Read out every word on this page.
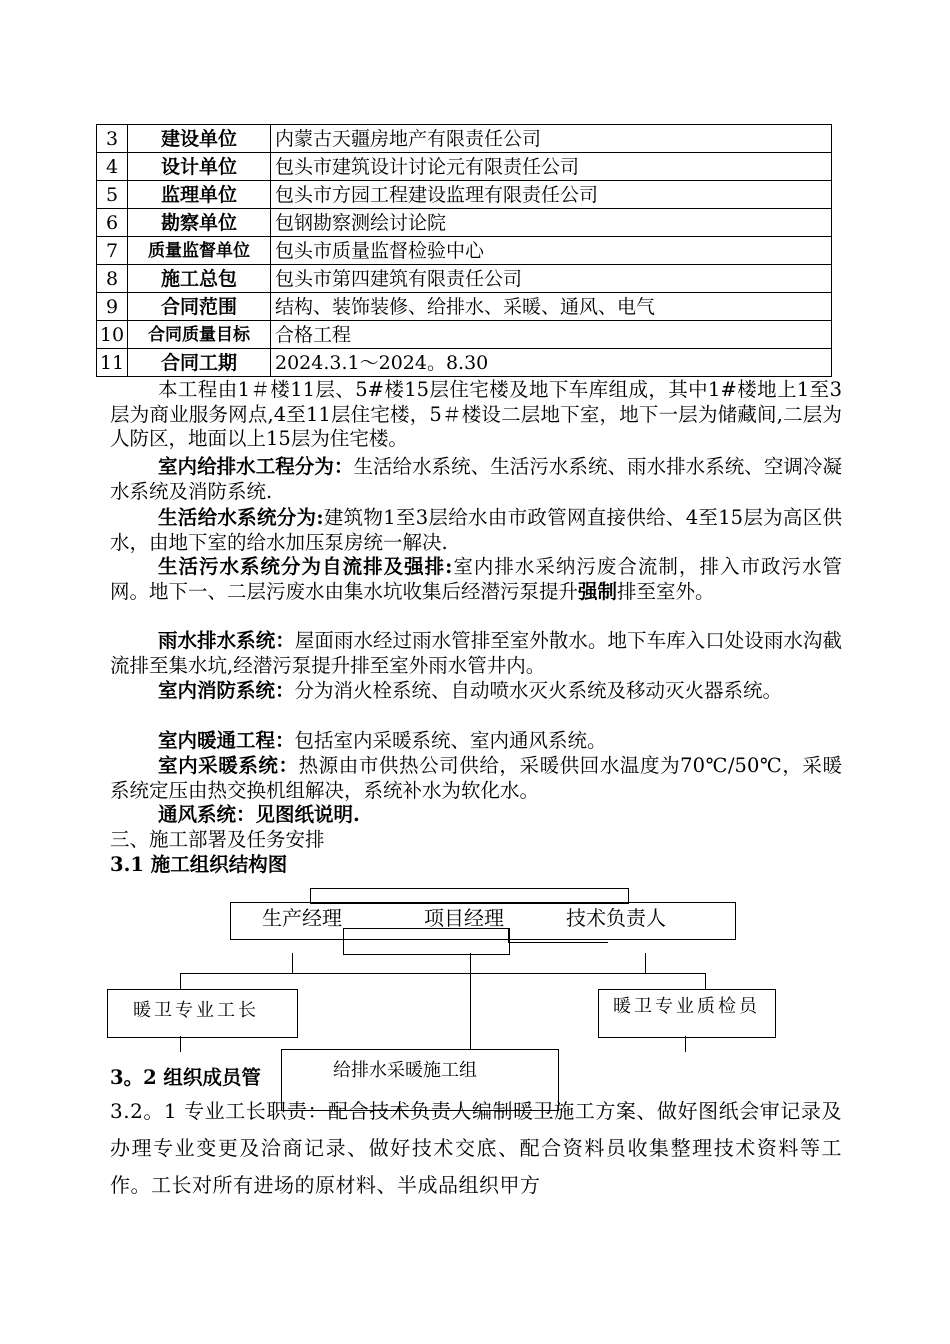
3	建设单位	内蒙古天疆房地产有限责任公司
4	设计单位	包头市建筑设计讨论元有限责任公司
5	监理单位	包头市方园工程建设监理有限责任公司
6	勘察单位	包钢勘察测绘讨论院
7	质量监督单位	包头市质量监督检验中心
8	施工总包	包头市第四建筑有限责任公司
9	合同范围	结构、装饰装修、给排水、采暖、通风、电气
10	合同质量目标	合格工程
11	合同工期	2024.3.1～2024。8.30
本工程由1＃楼11层、5#楼15层住宅楼及地下车库组成，其中1#楼地上1至3层为商业服务网点,4至11层住宅楼，5＃楼设二层地下室，地下一层为储藏间,二层为人防区，地面以上15层为住宅楼。
室内给排水工程分为：生活给水系统、生活污水系统、雨水排水系统、空调冷凝水系统及消防系统.
生活给水系统分为:建筑物1至3层给水由市政管网直接供给、4至15层为高区供水，由地下室的给水加压泵房统一解决.
生活污水系统分为自流排及强排:室内排水采纳污废合流制，排入市政污水管网。地下一、二层污废水由集水坑收集后经潜污泵提升强制排至室外。
雨水排水系统：屋面雨水经过雨水管排至室外散水。地下车库入口处设雨水沟截流排至集水坑,经潜污泵提升排至室外雨水管井内。
室内消防系统：分为消火栓系统、自动喷水灭火系统及移动灭火器系统。
室内暖通工程：包括室内采暖系统、室内通风系统。
室内采暖系统：热源由市供热公司供给，采暖供回水温度为70℃/50℃，采暖系统定压由热交换机组解决，系统补水为软化水。
通风系统：见图纸说明.
三、施工部署及任务安排
3.1 施工组织结构图
生产经理	项目经理	技术负责人
暖卫专业工长	暖卫专业质检员
给排水采暖施工组
3。2 组织成员管
3.2。1 专业工长职责：配合技术负责人编制暖卫施工方案、做好图纸会审记录及办理专业变更及洽商记录、做好技术交底、配合资料员收集整理技术资料等工作。工长对所有进场的原材料、半成品组织甲方
